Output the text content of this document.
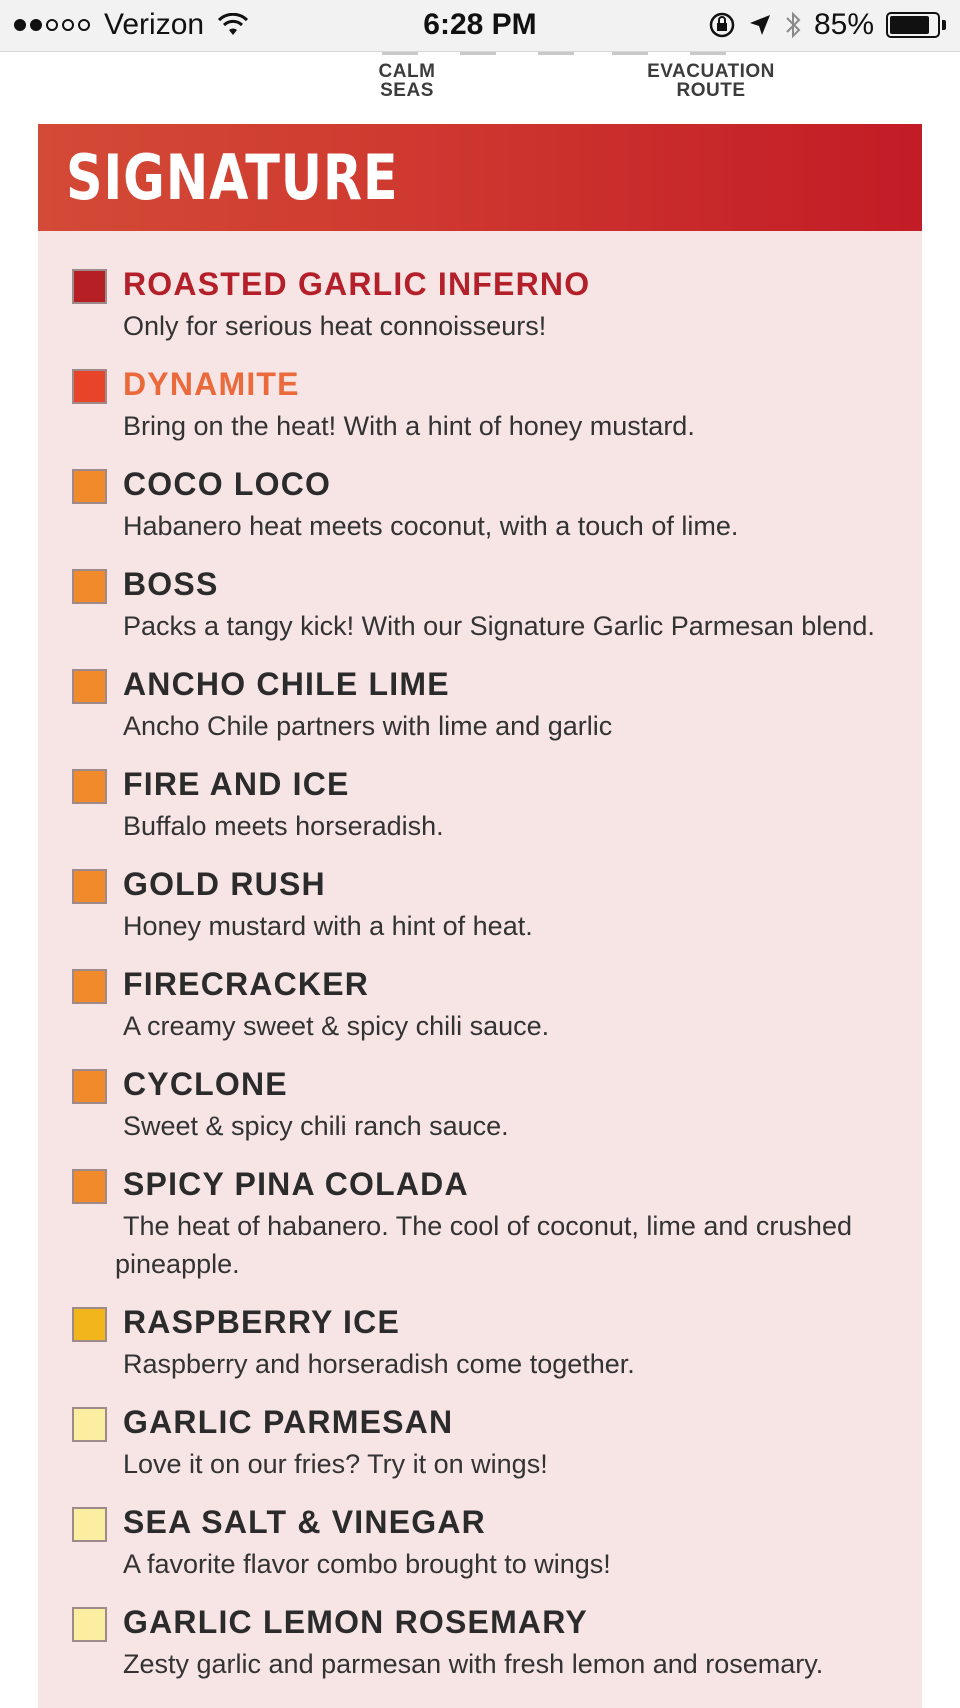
Verizon	6:28 PM	85%
CALM
SEAS
EVACUATION
ROUTE
SIGNATURE
ROASTED GARLIC INFERNO
Only for serious heat connoisseurs!
DYNAMITE
Bring on the heat! With a hint of honey mustard.
COCO LOCO
Habanero heat meets coconut, with a touch of lime.
BOSS
Packs a tangy kick! With our Signature Garlic Parmesan blend.
ANCHO CHILE LIME
Ancho Chile partners with lime and garlic
FIRE AND ICE
Buffalo meets horseradish.
GOLD RUSH
Honey mustard with a hint of heat.
FIRECRACKER
A creamy sweet & spicy chili sauce.
CYCLONE
Sweet & spicy chili ranch sauce.
SPICY PINA COLADA
The heat of habanero. The cool of coconut, lime and crushed pineapple.
RASPBERRY ICE
Raspberry and horseradish come together.
GARLIC PARMESAN
Love it on our fries? Try it on wings!
SEA SALT & VINEGAR
A favorite flavor combo brought to wings!
GARLIC LEMON ROSEMARY
Zesty garlic and parmesan with fresh lemon and rosemary.
